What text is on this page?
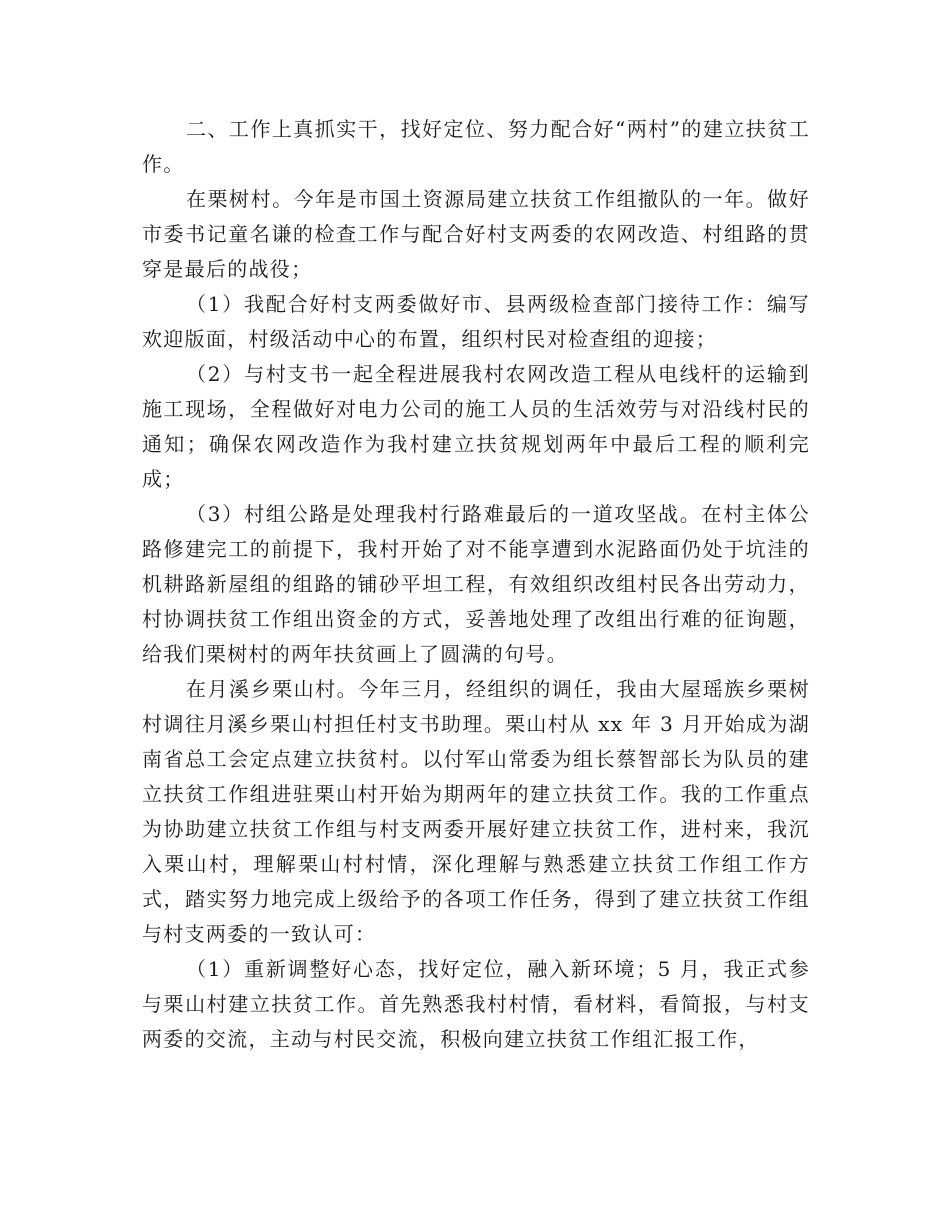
二、工作上真抓实干，找好定位、努力配合好“两村”的建立扶贫工作。

在栗树村。今年是市国土资源局建立扶贫工作组撤队的一年。做好市委书记童名谦的检查工作与配合好村支两委的农网改造、村组路的贯穿是最后的战役；

（1）我配合好村支两委做好市、县两级检查部门接待工作：编写欢迎版面，村级活动中心的布置，组织村民对检查组的迎接；

（2）与村支书一起全程进展我村农网改造工程从电线杆的运输到施工现场，全程做好对电力公司的施工人员的生活效劳与对沿线村民的通知；确保农网改造作为我村建立扶贫规划两年中最后工程的顺利完成；

（3）村组公路是处理我村行路难最后的一道攻坚战。在村主体公路修建完工的前提下，我村开始了对不能享遭到水泥路面仍处于坑洼的机耕路新屋组的组路的铺砂平坦工程，有效组织改组村民各出劳动力，村协调扶贫工作组出资金的方式，妥善地处理了改组出行难的征询题，给我们栗树村的两年扶贫画上了圆满的句号。

在月溪乡栗山村。今年三月，经组织的调任，我由大屋瑶族乡栗树村调往月溪乡栗山村担任村支书助理。栗山村从 xx 年 3 月开始成为湖南省总工会定点建立扶贫村。以付军山常委为组长蔡智部长为队员的建立扶贫工作组进驻栗山村开始为期两年的建立扶贫工作。我的工作重点为协助建立扶贫工作组与村支两委开展好建立扶贫工作，进村来，我沉入栗山村，理解栗山村村情，深化理解与熟悉建立扶贫工作组工作方式，踏实努力地完成上级给予的各项工作任务，得到了建立扶贫工作组与村支两委的一致认可：

（1）重新调整好心态，找好定位，融入新环境；5 月，我正式参与栗山村建立扶贫工作。首先熟悉我村村情，看材料，看简报，与村支两委的交流，主动与村民交流，积极向建立扶贫工作组汇报工作，
